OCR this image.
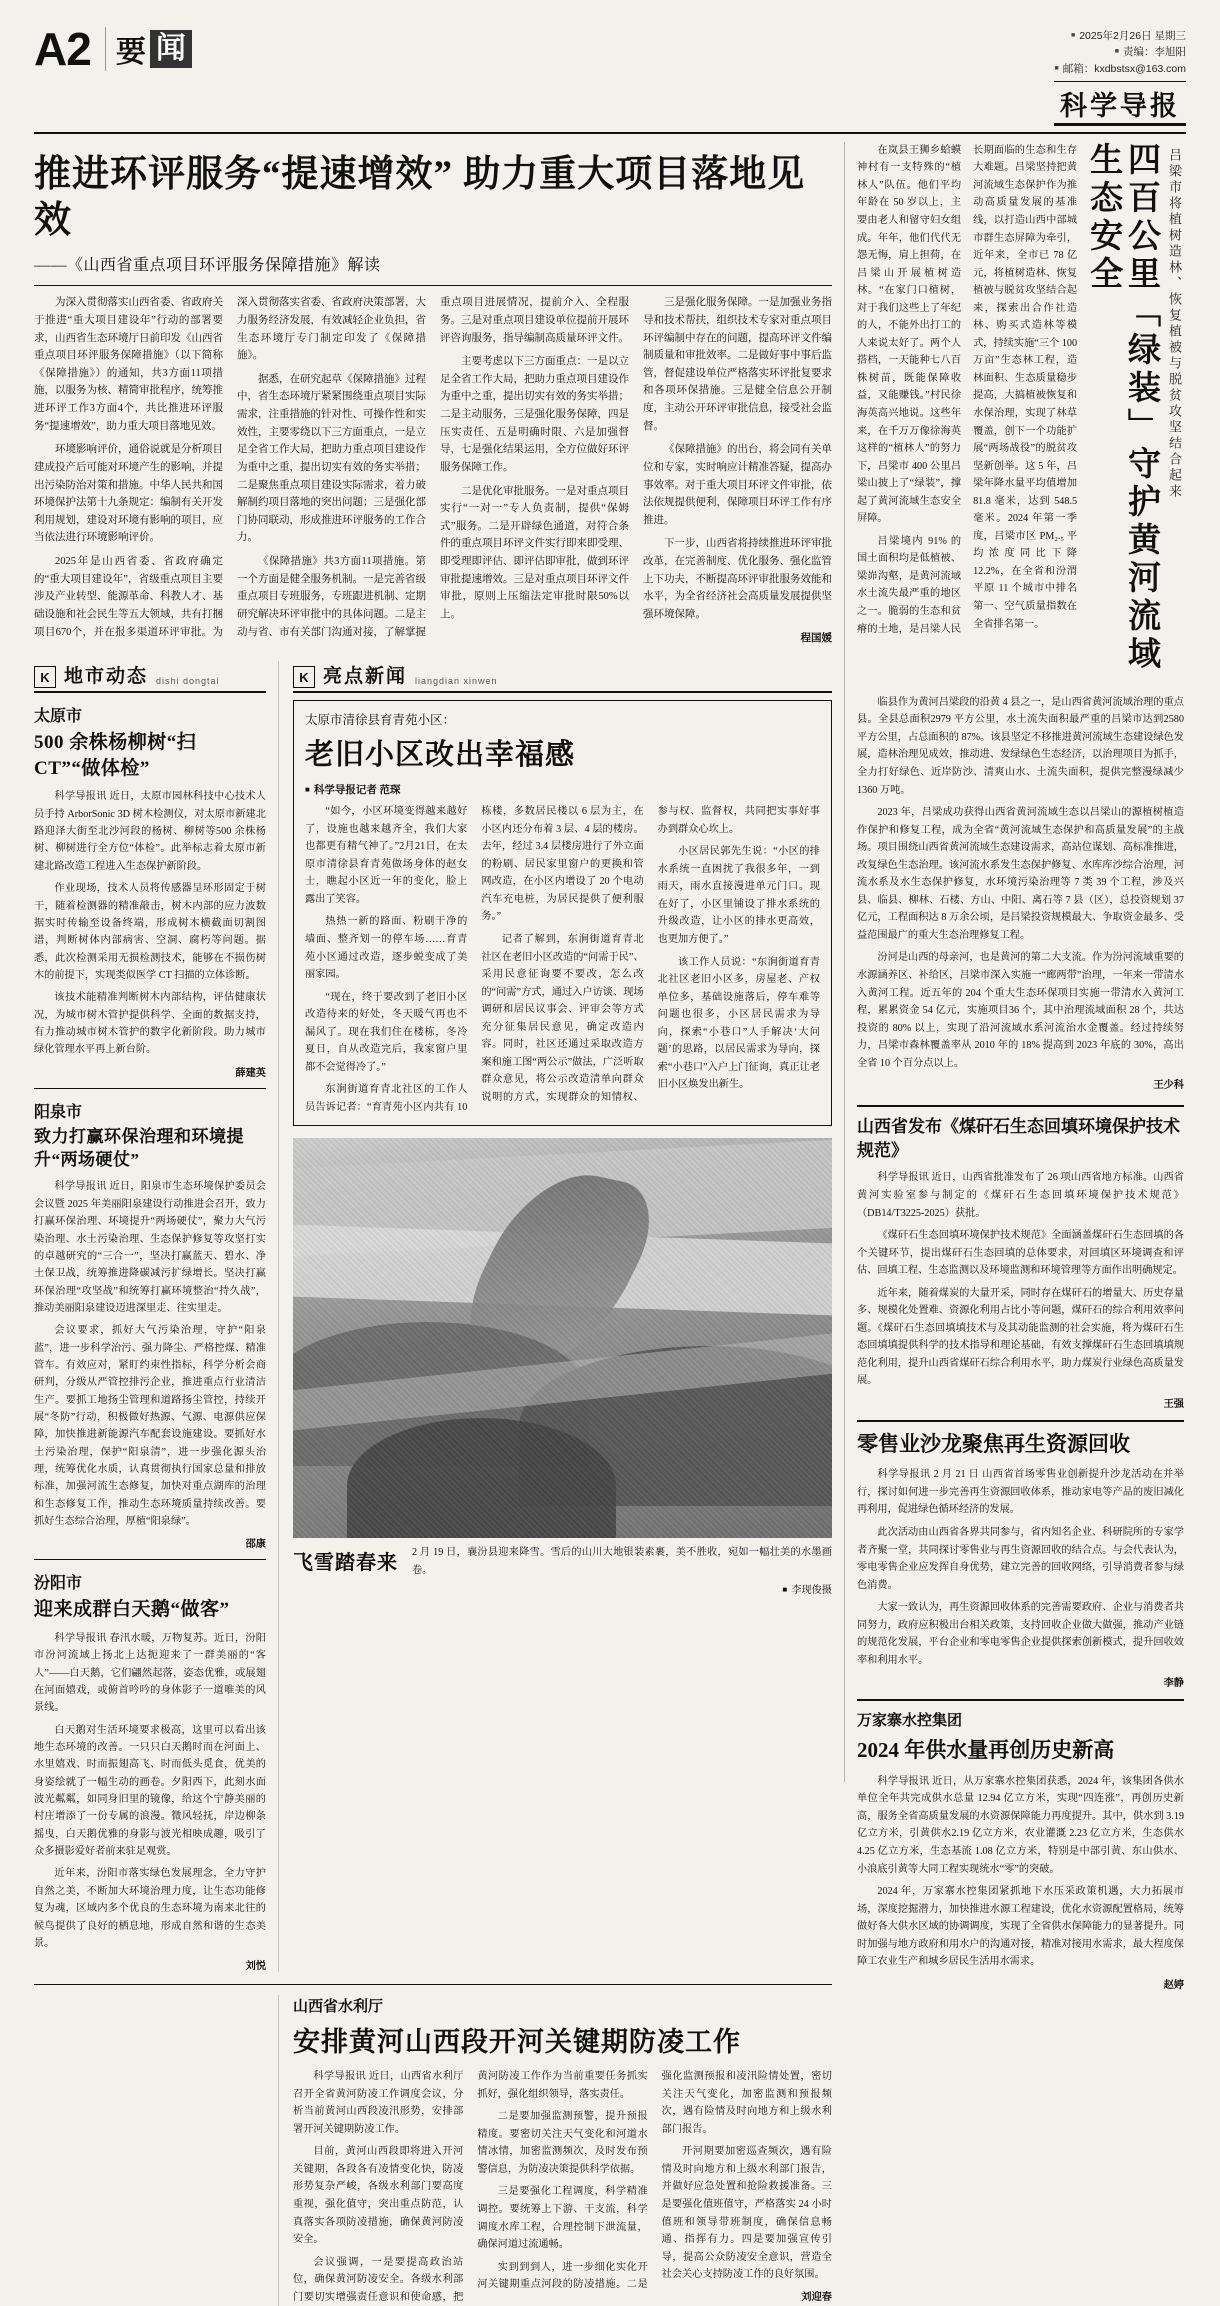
A2 要 闻	■ 2025年2月26日 星期三
■ 责编：李旭阳
■ 邮箱：kxdbstsx@163.com
科学导报
推进环评服务“提速增效” 助力重大项目落地见效
——《山西省重点项目环评服务保障措施》解读

为深入贯彻落实山西省委、省政府关于推进“重大项目建设年”行动的部署要求，山西省生态环境厅日前印发《山西省重点项目环评服务保障措施》（以下简称《保障措施》）的通知，共3方面11项措施，以服务为核、精简审批程序，统筹推进环评工作3方面4个，共比推进环评服务“提速增效”，助力重大项目落地见效。

环境影响评价，通俗说就是分析项目建成投产后可能对环境产生的影响，并提出污染防治对策和措施。中华人民共和国环境保护法第十九条规定：编制有关开发利用规划，建设对环境有影响的项目，应当依法进行环境影响评价。

2025年是山西省委、省政府确定的“重大项目建设年”，省级重点项目主要涉及产业转型、能源革命、科教人才、基础设施和社会民生等五大领域，共有打捆项目670个，并在报多渠道环评审批。为深入贯彻落实省委、省政府决策部署，大力服务经济发展，有效减轻企业负担，省生态环境厅专门制定印发了《保障措施》。

据悉，在研究起草《保障措施》过程中，省生态环境厅紧紧围绕重点项目实际需求，注重措施的针对性、可操作性和实效性，主要零绕以下三方面重点，一是立足全省工作大局，把助力重点项目建设作为重中之重，提出切实有效的务实举措；二是聚焦重点项目建设实际需求，着力破解制约项目落地的突出问题；三是强化部门协同联动，形成推进环评服务的工作合力。

《保障措施》共3方面11项措施。第一个方面是健全服务机制。一是完善省级重点项目专班服务，专班跟进机制、定期研究解决环评审批中的具体问题。二是主动与省、市有关部门沟通对接，了解掌握重点项目进展情况，提前介入、全程服务。三是对重点项目建设单位提前开展环评咨询服务，指导编制高质量环评文件。

主要考虑以下三方面重点：一是以立足全省工作大局，把助力重点项目建设作为重中之重，提出切实有效的务实举措；二是主动服务，三是强化服务保障，四是压实责任、五是明确时限、六是加强督导，七是强化结果运用，全方位做好环评服务保障工作。

二是优化审批服务。一是对重点项目实行“一对一”专人负责制，提供“保姆式”服务。二是开辟绿色通道，对符合条件的重点项目环评文件实行即来即受理、即受理即评估、即评估即审批，做到环评审批提速增效。三是对重点项目环评文件审批，原则上压缩法定审批时限50%以上。

三是强化服务保障。一是加强业务指导和技术帮扶，组织技术专家对重点项目环评编制中存在的问题，提高环评文件编制质量和审批效率。二是做好事中事后监管，督促建设单位严格落实环评批复要求和各项环保措施。三是健全信息公开制度，主动公开环评审批信息，接受社会监督。

《保障措施》的出台，将会同有关单位和专家，实时响应计精准答疑，提高办事效率。对于重大项目环评文件审批，依法依规提供便利，保障项目环评工作有序推进。

下一步，山西省将持续推进环评审批改革，在完善制度、优化服务、强化监管上下功夫，不断提高环评审批服务效能和水平，为全省经济社会高质量发展提供坚强环境保障。

程国媛
K 地市动态 dishi dongtai
太原市
500 余株杨柳树“扫 CT”“做体检”

科学导报讯 近日，太原市园林科技中心技术人员手持 ArborSonic 3D 树木检测仪，对太原市新建北路迎泽大街至北沙河段的杨树、柳树等500 余株杨树、柳树进行全方位“体检”。此举标志着太原市新建北路改造工程进入生态保护新阶段。

作业现场，技术人员将传感器呈环形固定于树干，随着检测器的精准敲击，树木内部的应力波数据实时传输至设备终端，形成树木横截面切割图谱，判断树体内部病害、空洞、腐朽等问题。据悉，此次检测采用无损检测技术，能够在不损伤树木的前提下，实现类似医学 CT 扫描的立体诊断。

该技术能精准判断树木内部结构，评估健康状况，为城市树木管护提供科学、全面的数据支持，有力推动城市树木管护的数字化新阶段。助力城市绿化管理水平再上新台阶。

薛建英
阳泉市
致力打赢环保治理和环境提升“两场硬仗”

科学导报讯 近日，阳泉市生态环境保护委员会会议暨 2025 年美丽阳泉建设行动推进会召开，致力打赢环保治理、环境提升“两场硬仗”，聚力大气污染治理、水土污染治理、生态保护修复等攻坚打实的卓越研究的“三合一”，坚决打赢蓝天、碧水、净土保卫战，统筹推进降碳减污扩绿增长。坚决打赢环保治理“攻坚战”和统筹打赢环境整治“持久战”，推动美丽阳泉建设迈进深里走、往实里走。

会议要求，抓好大气污染治理，守护“阳泉蓝”，进一步科学治污、强力降尘、严格控煤、精准管车。有效应对，紧盯约束性指标，科学分析会商研判，分级从严管控排污企业，推进重点行业清洁生产。要抓工地扬尘管理和道路扬尘管控，持续开展“冬防”行动，积极做好热源、气源、电源供应保障，加快推进新能源汽车配套设施建设。要抓好水土污染治理，保护“阳泉清”，进一步强化源头治理，统筹优化水质，认真贯彻执行国家总量和排放标准，加强河流生态修复，加快对重点湖库的治理和生态修复工作，推动生态环境质量持续改善。要抓好生态综合治理，厚植“阳泉绿”。

邵康
汾阳市
迎来成群白天鹅“做客”

科学导报讯 春汛水暖，万物复苏。近日，汾阳市汾河流域上扬北上达扼迎来了一群美丽的“客人”——白天鹅，它们翩然起落，姿态优雅，或展翅在河面嬉戏，或俯首吟吟的身体影子一道唯美的风景线。

白天鹅对生活环境要求极高，这里可以看出该地生态环境的改善。一只只白天鹅时而在河面上、水里嬉戏、时而振翅高飞、时而低头觅食，优美的身姿绘就了一幅生动的画卷。夕阳西下，此刻水面波光粼粼，如同身旧里的镜像，给这个宁静美丽的村庄增添了一份专属的浪漫。微风轻抚，岸边柳条摇曳，白天鹅优雅的身影与波光相映成趣，吸引了众多摄影爱好者前来驻足观赏。

近年来，汾阳市落实绿色发展理念，全力守护自然之美，不断加大环境治理力度，让生态功能修复为魂，区域内多个优良的生态环境为南来北往的候鸟提供了良好的栖息地，形成自然和谐的生态美景。

刘悦
K 亮点新闻 liangdian xinwen
太原市清徐县育青苑小区：
老旧小区改出幸福感
■ 科学导报记者 范琛

“如今，小区环境变得越来越好了，设施也越来越齐全，我们大家也都更有精气神了。”2月21日，在太原市清徐县育青苑做场身体的赵女士，瞧起小区近一年的变化，脸上露出了笑容。

热热一新的路面、粉刷干净的墙面、整齐划一的停车场……育青苑小区通过改造，逐步蜕变成了美丽家园。

“现在，终于要改到了老旧小区改造待来的好处，冬天暖气再也不漏风了。现在我们住在楼栋，冬冷夏日，自从改造完后，我家窗户里都不会觉得冷了。”

东涧街道育青北社区的工作人员告诉记者：“育青苑小区内共有 10 栋楼，多数居民楼以 6 层为主，在小区内还分布着 3 层、4 层的楼房。去年，经过 3.4 层楼房进行了外立面的粉刷、居民家里窗户的更换和管网改造，在小区内增设了 20 个电动汽车充电桩，为居民提供了便利服务。”

记者了解到，东涧街道育青北社区在老旧小区改造的“问需于民”、采用民意征询要不要改，怎么改的“问需”方式，通过入户访谈、现场调研和居民议事会、评审会等方式充分征集居民意见，确定改造内容。同时，社区还通过采取改造方案和施工图“两公示”做法，广泛听取群众意见，将公示改造清单向群众说明的方式，实现群众的知情权、参与权、监督权，共同把实事好事办到群众心坎上。

小区居民郭先生说：“小区的排水系统一直困扰了我很多年，一到雨天，雨水直接漫进单元门口。现在好了，小区里铺设了排水系统的升级改造，让小区的排水更高效，也更加方便了。”

该工作人员说：“东涧街道育青北社区老旧小区多，房屋老、产权单位多，基础设施落后，停车难等问题也很多，小区居民需求为导向，探索“小巷口”人手解决‘大问题’的思路，以居民需求为导向，探索“小巷口”入户上门征询，真正让老旧小区焕发出新生。

飞雪踏春来 2 月 19 日，襄汾县迎来降雪。雪后的山川大地银装素裹，美不胜收，宛如一幅壮美的水墨画卷。
■ 李现俊摄
山西省水利厅
安排黄河山西段开河关键期防凌工作

科学导报讯 近日，山西省水利厅召开全省黄河防凌工作调度会议，分析当前黄河山西段凌汛形势，安排部署开河关键期防凌工作。

目前，黄河山西段即将进入开河关键期，各段各有凌情变化快，防凌形势复杂严峻，各级水利部门要高度重视，强化值守，突出重点防范，认真落实各项防凌措施，确保黄河防凌安全。

会议强调，一是要提高政治站位，确保黄河防凌安全。各级水利部门要切实增强责任意识和使命感，把黄河防凌工作作为当前重要任务抓实抓好，强化组织领导，落实责任。

二是要加强监测预警，提升预报精度。要密切关注天气变化和河道水情冰情，加密监测频次，及时发布预警信息，为防凌决策提供科学依据。

三是要强化工程调度，科学精准调控。要统筹上下游、干支流，科学调度水库工程，合理控制下泄流量，确保河道过流通畅。

实到到到人，进一步细化实化开河关键期重点河段的防凌措施。二是强化监测预报和凌汛险情处置，密切关注天气变化，加密监测和预报频次，遇有险情及时向地方和上级水利部门报告。

开河期要加密巡查频次，遇有险情及时向地方和上级水利部门报告，并做好应急处置和抢险救援准备。三是要强化值班值守，严格落实 24 小时值班和领导带班制度，确保信息畅通、指挥有力。四是要加强宣传引导，提高公众防凌安全意识，营造全社会关心支持防凌工作的良好氛围。

刘迎春

在岚县王狮乡蛤蟆神村有一支特殊的“植林人”队伍。他们平均年龄在 50 岁以上，主要由老人和留守妇女组成。年年，他们代代无怨无悔，肩上担荷，在吕梁山开展植树造林。“在家门口植树，对于我们这些上了年纪的人，不能外出打工的人来说太好了。两个人搭档，一天能种七八百株树苗，既能保障收益，又能赚钱。”村民徐海英高兴地说。这些年来，在千万万像徐海英这样的“植林人”的努力下，吕梁市 400 公里吕梁山披上了“绿装”，撑起了黄河流域生态安全屏障。

吕梁境内 91% 的国土面积均是低植被、梁峁沟壑，是黄河流域水土流失最严重的地区之一。脆弱的生态和贫瘠的土地，是吕梁人民长期面临的生态和生存大难题。吕梁坚持把黄河流域生态保护作为推动高质量发展的基准线，以打造山西中部城市群生态屏障为牵引，近年来，全市已 78 亿元，将植树造林、恢复植被与脱贫攻坚结合起来，探索出合作社造林、购买式造林等模式，持续实施“三个 100 万亩”生态林工程，造林面积、生态质量稳步提高，大搞植被恢复和水保治理，实现了林草覆盖，创下一个功能扩展“两场战役”的脱贫攻坚新创举。这 5 年，吕梁年降水量平均值增加81.8 毫米，达到 548.5 毫米。2024 年第一季度，吕梁市区 PM₂.₅ 平均浓度同比下降 12.2%，在全省和汾渭平原 11 个城市中排名第一、空气质量指数在全省排名第一。	四百公里「绿装」守护黄河流域生态安全	吕梁市将植树造林、恢复植被与脱贫攻坚结合起来

临县作为黄河吕梁段的沿黄 4 县之一，是山西省黄河流域治理的重点县。全县总面积2979 平方公里，水土流失面积最严重的吕梁市达到2580 平方公里，占总面积的 87%。该县坚定不移推进黄河流域生态建设绿色发展，造林治理见成效，推动进、发绿绿色生态经济，以治理项目为抓手，全力打好绿色、近岸防沙、清爽山水、土流失面积，提供完整漫绿减少 1360 万吨。

2023 年，吕梁成功获得山西省黄河流域生态以吕梁山的源植树植造作保护和修复工程，成为全省“黄河流域生态保护和高质量发展”的主战场。项目围绕山西省黄河流域生态建设需求，高站位谋划、高标准推进，改复绿色生态治理。该河流水系发生态保护修复、水库库沙综合治理，河流水系及水生态保护修复，水环境污染治理等 7 类 39 个工程，涉及兴县、临县、柳林、石楼、方山、中阳、离石等 7 县（区），总投资规划 37 亿元，工程面积达 8 万余公顷，是吕梁投资规模最大、争取资金最多、受益范围最广的重大生态治理修复工程。

汾河是山西的母亲河，也是黄河的第二大支流。作为汾河流域重要的水源涵养区、补给区，吕梁市深入实施一“廊两带”治理，一年来一带清水入黄河工程。近五年的 204 个重大生态环保项目实施一带清水入黄河工程，累累资金 54 亿元，实施项目36 个，其中治理流域面积 28 个，共达投资的 80% 以上，实现了沿河流域水系河流治水金覆盖。经过持续努力，吕梁市森林覆盖率从 2010 年的 18% 提高到 2023 年底的 30%，高出全省 10 个百分点以上。

王少科
山西省发布《煤矸石生态回填环境保护技术规范》

科学导报讯 近日，山西省批准发布了 26 项山西省地方标准。山西省黄河实验室参与制定的《煤矸石生态回填环境保护技术规范》（DB14/T3225-2025）获批。

《煤矸石生态回填环境保护技术规范》全面涵盖煤矸石生态回填的各个关键环节，提出煤矸石生态回填的总体要求，对回填区环境调查和评估、回填工程、生态监测以及环境监测和环境管理等方面作出明确规定。

近年来，随着煤炭的大量开采，同时存在煤矸石的增量大、历史存量多、规模化处置难、资源化利用占比小等问题，煤矸石的综合利用效率问题。《煤矸石生态回填填技术与及其动能监测的社会实施，将为煤矸石生态回填填提供科学的技术指导和理论基础，有效支撑煤矸石生态回填填规范化利用，提升山西省煤矸石综合利用水平，助力煤炭行业绿色高质量发展。

王强
零售业沙龙聚焦再生资源回收

科学导报讯 2 月 21 日 山西省首场零售业创新提升沙龙活动在并举行，探讨如何进一步完善再生资源回收体系，推动家电等产品的废旧减化再利用，促进绿色循环经济的发展。

此次活动由山西省各界共同参与，省内知名企业、科研院所的专家学者齐聚一堂，共同探讨零售业与再生资源回收的结合点。与会代表认为，零电零售企业应发挥自身优势，建立完善的回收网络，引导消费者参与绿色消费。

大家一致认为，再生资源回收体系的完善需要政府、企业与消费者共同努力，政府应积极出台相关政策，支持回收企业做大做强，推动产业链的规范化发展，平台企业和零电零售企业提供探索创新模式，提升回收效率和利用水平。

李静
万家寨水控集团
2024 年供水量再创历史新高

科学导报讯 近日，从万家寨水控集团获悉，2024 年，该集团各供水单位全年共完成供水总量 12.94 亿立方米，实现“四连涨”，再创历史新高，服务全省高质量发展的水资源保障能力再度提升。其中，供水到 3.19 亿立方米，引黄供水2.19 亿立方米，农业灌溉 2.23 亿立方米，生态供水 4.25 亿立方米，生态基流 1.08 亿立方米，特别是中部引黄、东山供水、小浪底引黄等大同工程实现统水“零”的突破。

2024 年，万家寨水控集团紧抓地下水压采政策机遇，大力拓展市场，深度挖掘潜力，加快推进水源工程建设，优化水资源配置格局，统筹做好各大供水区域的协调调度，实现了全省供水保障能力的显著提升。同时加强与地方政府和用水户的沟通对接，精准对接用水需求，最大程度保障工农业生产和城乡居民生活用水需求。

赵婷
